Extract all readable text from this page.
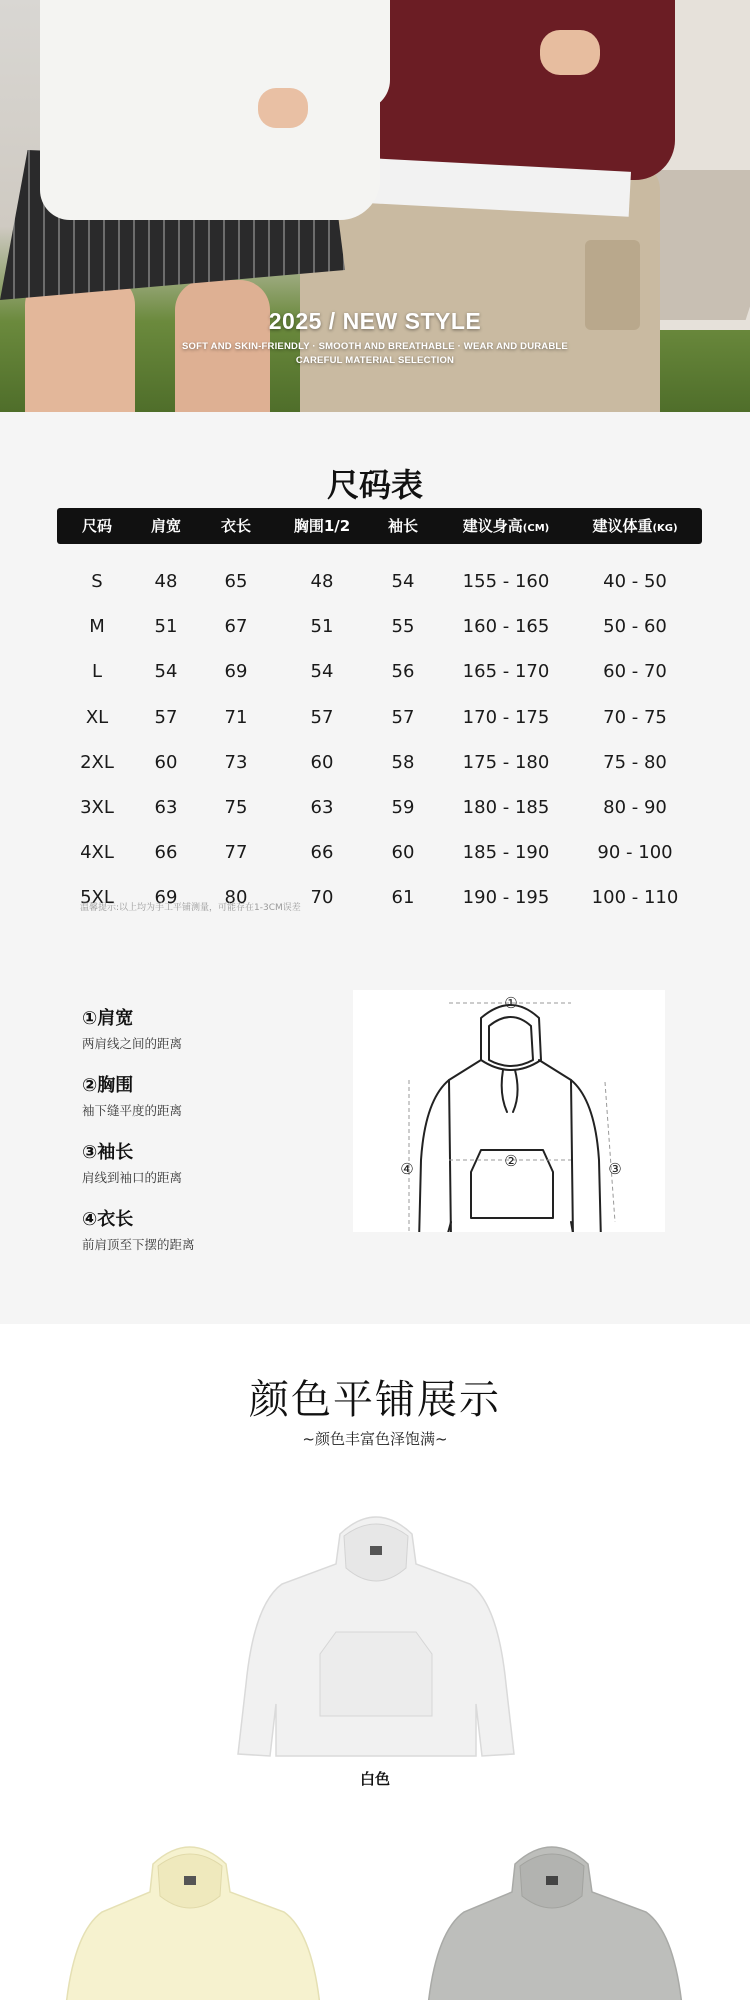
2025 / NEW STYLE
SOFT AND SKIN-FRIENDLY · SMOOTH AND BREATHABLE · WEAR AND DURABLE
CAREFUL MATERIAL SELECTION
尺码表
尺码	肩宽	衣长	胸围1/2	袖长	建议身高(CM)	建议体重(KG)
S	48	65	48	54	155 - 160	40 - 50
M	51	67	51	55	160 - 165	50 - 60
L	54	69	54	56	165 - 170	60 - 70
XL	57	71	57	57	170 - 175	70 - 75
2XL 60	73	60	58	175 - 180	75 - 80
3XL 63	75	63	59	180 - 185	80 - 90
4XL 66	77	66	60	185 - 190	90 - 100
5XL 69	80	70	61	190 - 195 100 - 110
温馨提示:以上均为手工平铺测量，可能存在1-3CM误差
①肩宽
两肩线之间的距离
②胸围
袖下缝平度的距离
③袖长
肩线到袖口的距离
④衣长
前肩顶至下摆的距离
①
②	③
④
颜色平铺展示
~颜色丰富色泽饱满~
白色
